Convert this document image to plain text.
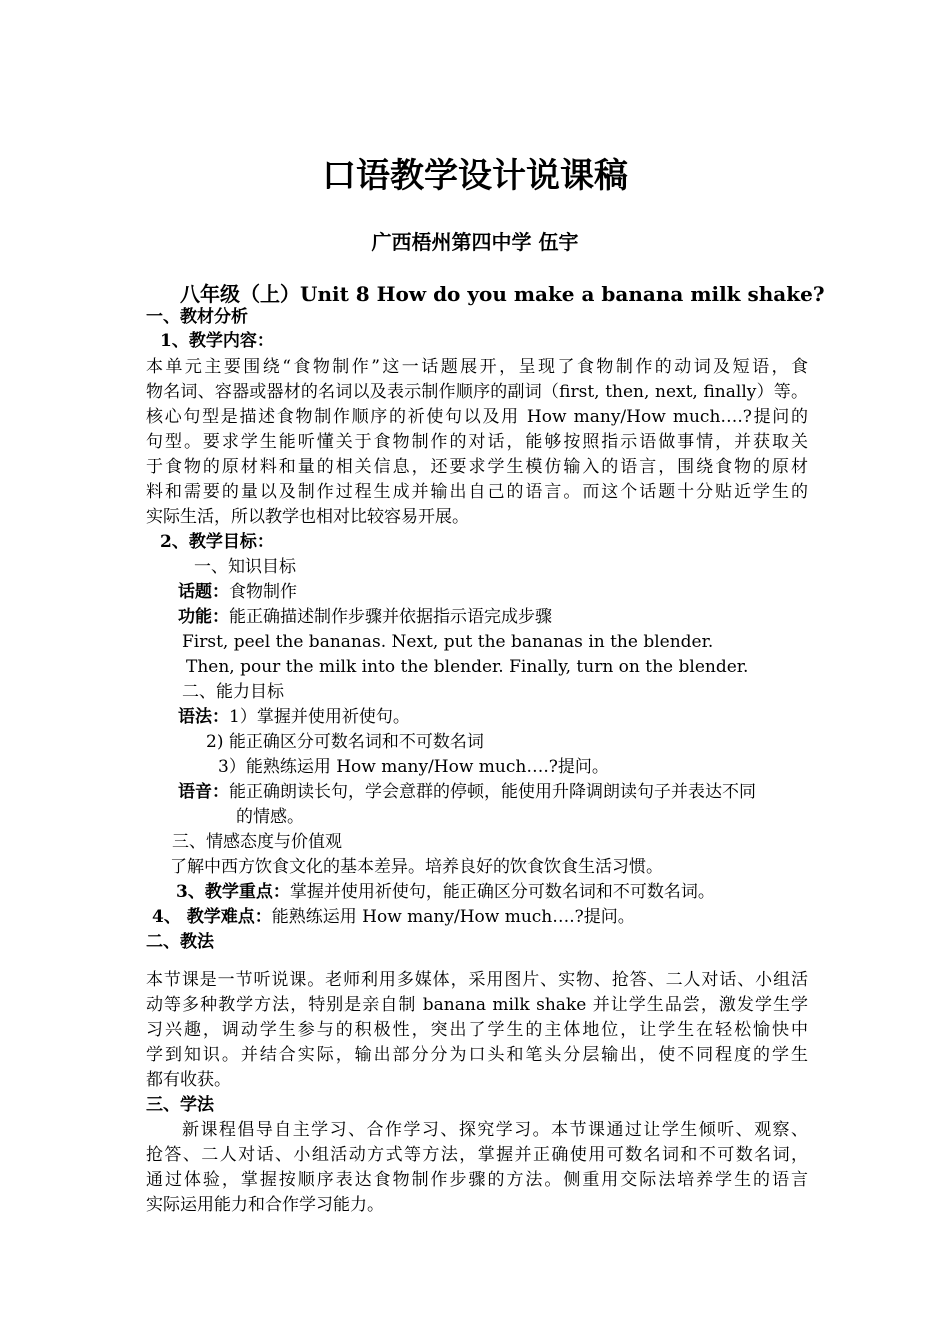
口语教学设计说课稿
广西梧州第四中学 伍宇
八年级（上）Unit 8 How do you make a banana milk shake?
一、教材分析
1、教学内容：
本单元主要围绕“食物制作”这一话题展开，呈现了食物制作的动词及短语，食
物名词、容器或器材的名词以及表示制作顺序的副词（first, then, next, finally）等。
核心句型是描述食物制作顺序的祈使句以及用 How many/How much….?提问的
句型。要求学生能听懂关于食物制作的对话，能够按照指示语做事情，并获取关
于食物的原材料和量的相关信息，还要求学生模仿输入的语言，围绕食物的原材
料和需要的量以及制作过程生成并输出自己的语言。而这个话题十分贴近学生的
实际生活，所以教学也相对比较容易开展。
2、教学目标：
一、知识目标
话题：食物制作
功能：能正确描述制作步骤并依据指示语完成步骤
First, peel the bananas. Next, put the bananas in the blender.
Then, pour the milk into the blender. Finally, turn on the blender.
二、能力目标
语法：1）掌握并使用祈使句。
2) 能正确区分可数名词和不可数名词
3）能熟练运用 How many/How much….?提问。
语音：能正确朗读长句，学会意群的停顿，能使用升降调朗读句子并表达不同
的情感。
三、情感态度与价值观
了解中西方饮食文化的基本差异。培养良好的饮食饮食生活习惯。
3、教学重点：掌握并使用祈使句，能正确区分可数名词和不可数名词。
4、 教学难点：能熟练运用 How many/How much….?提问。
二、教法
本节课是一节听说课。老师利用多媒体，采用图片、实物、抢答、二人对话、小组活
动等多种教学方法，特别是亲自制 banana milk shake 并让学生品尝，激发学生学
习兴趣，调动学生参与的积极性，突出了学生的主体地位，让学生在轻松愉快中
学到知识。并结合实际，输出部分分为口头和笔头分层输出，使不同程度的学生
都有收获。
三、学法
新课程倡导自主学习、合作学习、探究学习。本节课通过让学生倾听、观察、
抢答、二人对话、小组活动方式等方法，掌握并正确使用可数名词和不可数名词，
通过体验，掌握按顺序表达食物制作步骤的方法。侧重用交际法培养学生的语言
实际运用能力和合作学习能力。
